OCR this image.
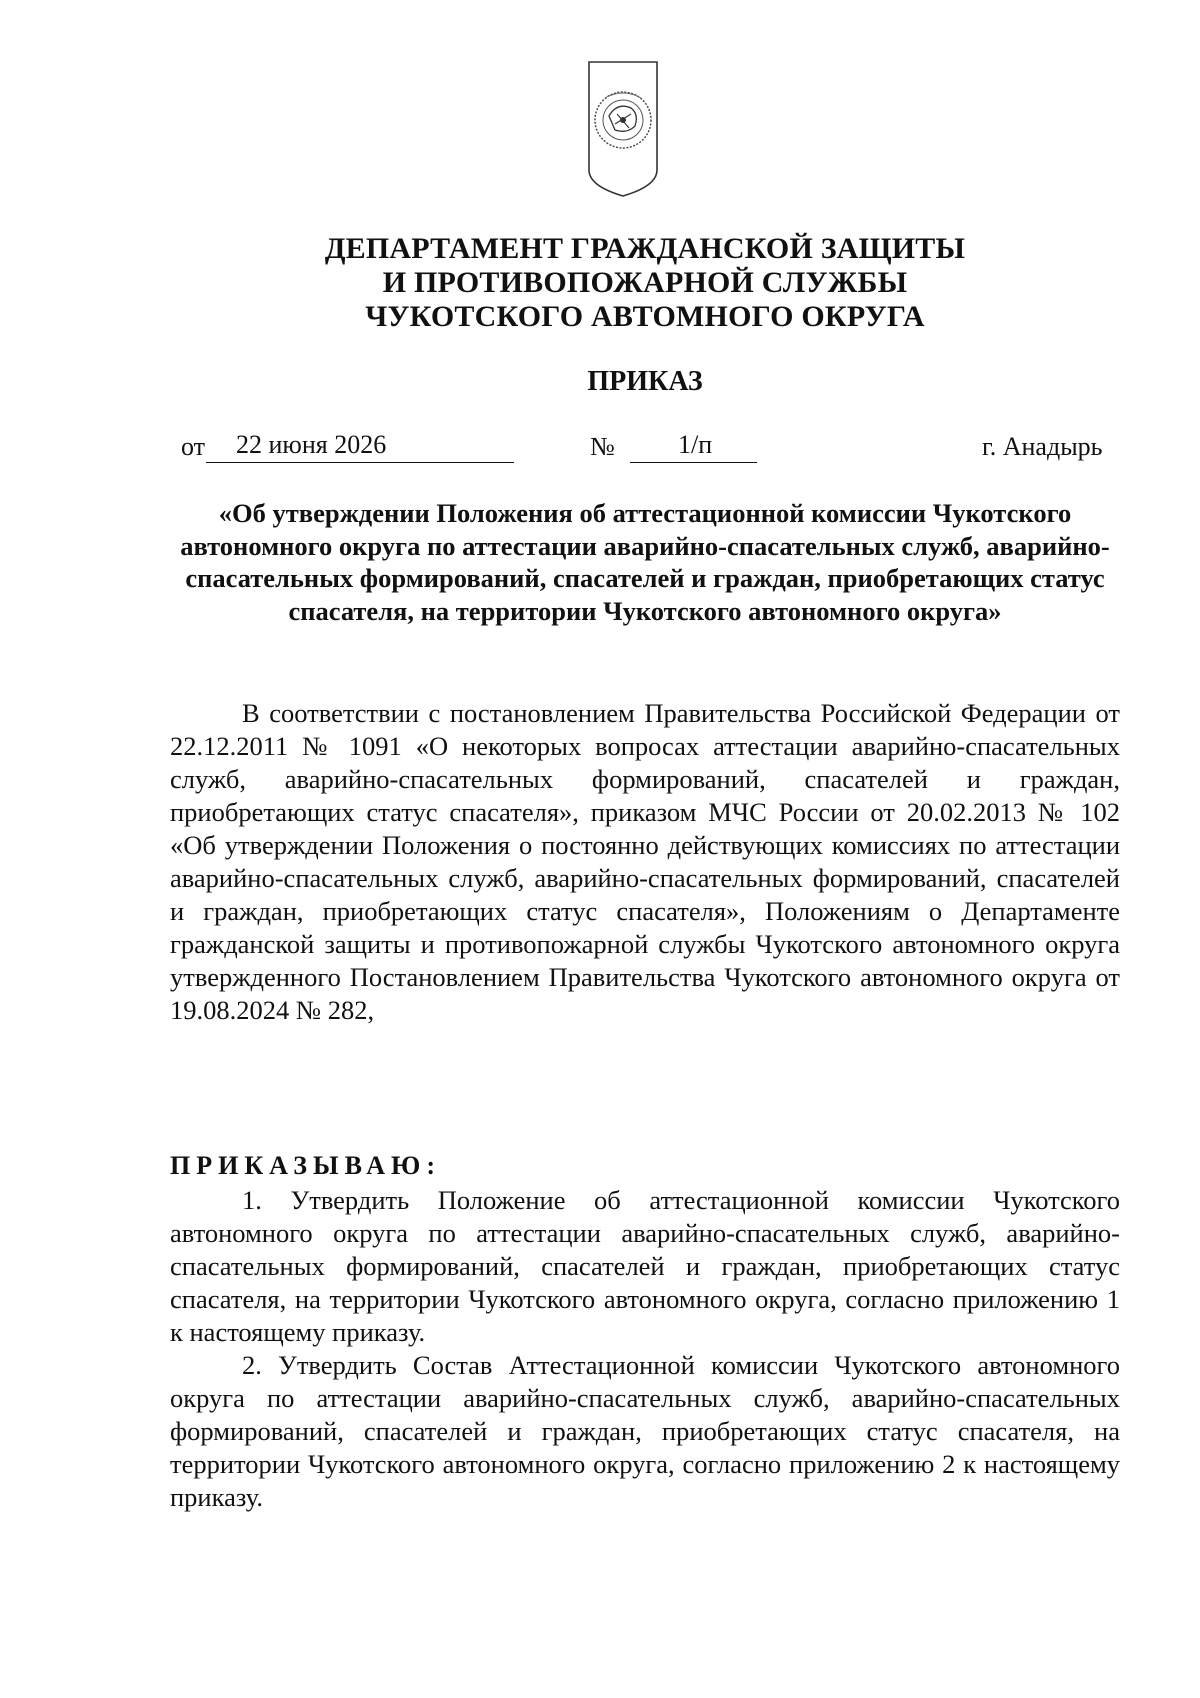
ДЕПАРТАМЕНТ ГРАЖДАНСКОЙ ЗАЩИТЫ
И ПРОТИВОПОЖАРНОЙ СЛУЖБЫ
ЧУКОТСКОГО АВТОМНОГО ОКРУГА
ПРИКАЗ
от 22 июня 2026	№ 1/п	г. Анадырь
«Об утверждении Положения об аттестационной комиссии Чукотского автономного округа по аттестации аварийно-спасательных служб, аварийно-спасательных формирований, спасателей и граждан, приобретающих статус спасателя, на территории Чукотского автономного округа»

В соответствии с постановлением Правительства Российской Федерации от 22.12.2011 № 1091 «О некоторых вопросах аттестации аварийно-спасательных служб, аварийно-спасательных формирований, спасателей и граждан, приобретающих статус спасателя», приказом МЧС России от 20.02.2013 № 102 «Об утверждении Положения о постоянно действующих комиссиях по аттестации аварийно-спасательных служб, аварийно-спасательных формирований, спасателей и граждан, приобретающих статус спасателя», Положениям о Департаменте гражданской защиты и противопожарной службы Чукотского автономного округа утвержденного Постановлением Правительства Чукотского автономного округа от 19.08.2024 № 282,

ПРИКАЗЫВАЮ:

1. Утвердить Положение об аттестационной комиссии Чукотского автономного округа по аттестации аварийно-спасательных служб, аварийно-спасательных формирований, спасателей и граждан, приобретающих статус спасателя, на территории Чукотского автономного округа, согласно приложению 1 к настоящему приказу.

2. Утвердить Состав Аттестационной комиссии Чукотского автономного округа по аттестации аварийно-спасательных служб, аварийно-спасательных формирований, спасателей и граждан, приобретающих статус спасателя, на территории Чукотского автономного округа, согласно приложению 2 к настоящему приказу.
